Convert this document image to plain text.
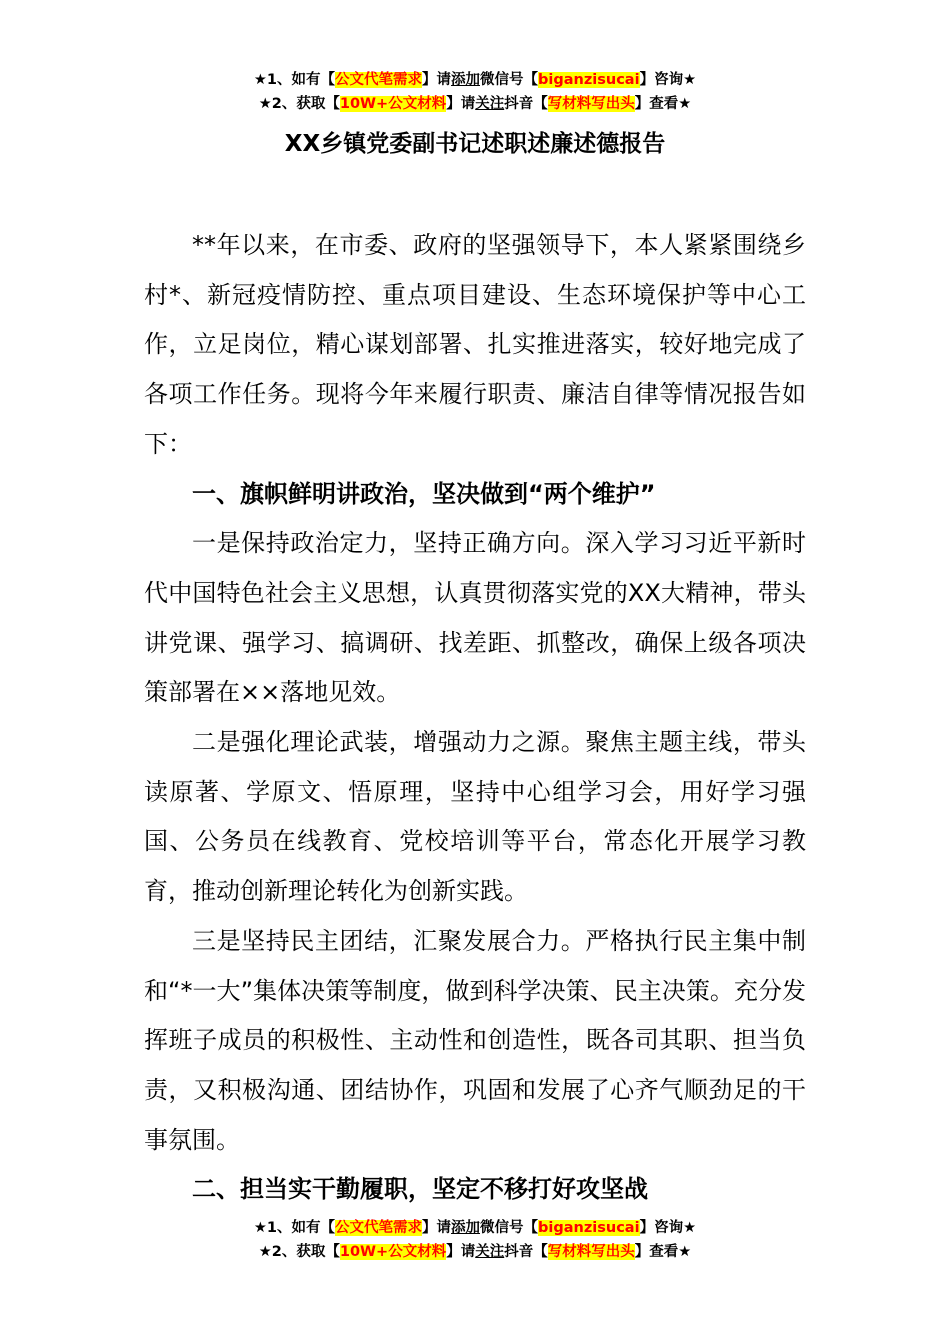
★1、如有【公文代笔需求】请添加微信号【biganzisucai】咨询★
★2、获取【10W+公文材料】请关注抖音【写材料写出头】查看★
XX乡镇党委副书记述职述廉述德报告

**年以来，在市委、政府的坚强领导下，本人紧紧围绕乡村*、新冠疫情防控、重点项目建设、生态环境保护等中心工作，立足岗位，精心谋划部署、扎实推进落实，较好地完成了各项工作任务。现将今年来履行职责、廉洁自律等情况报告如下：

一、旗帜鲜明讲政治，坚决做到“两个维护”

一是保持政治定力，坚持正确方向。深入学习习近平新时代中国特色社会主义思想，认真贯彻落实党的XX大精神，带头讲党课、强学习、搞调研、找差距、抓整改，确保上级各项决策部署在××落地见效。

二是强化理论武装，增强动力之源。聚焦主题主线，带头读原著、学原文、悟原理，坚持中心组学习会，用好学习强国、公务员在线教育、党校培训等平台，常态化开展学习教育，推动创新理论转化为创新实践。

三是坚持民主团结，汇聚发展合力。严格执行民主集中制和“*一大”集体决策等制度，做到科学决策、民主决策。充分发挥班子成员的积极性、主动性和创造性，既各司其职、担当负责，又积极沟通、团结协作，巩固和发展了心齐气顺劲足的干事氛围。

二、担当实干勤履职，坚定不移打好攻坚战

★1、如有【公文代笔需求】请添加微信号【biganzisucai】咨询★
★2、获取【10W+公文材料】请关注抖音【写材料写出头】查看★
